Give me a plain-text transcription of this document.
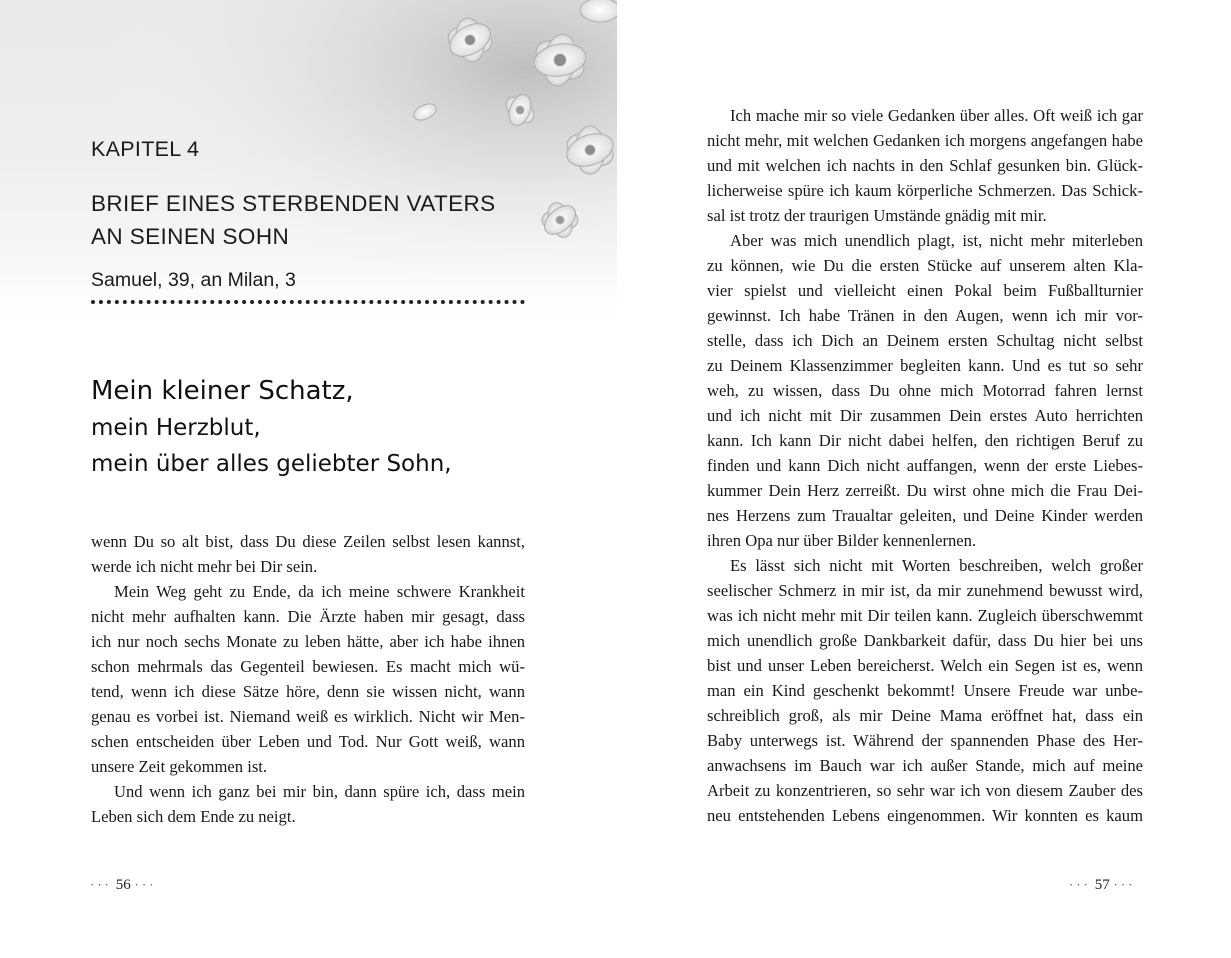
KAPITEL 4
BRIEF EINES STERBENDEN VATERS
AN SEINEN SOHN
Samuel, 39, an Milan, 3
Mein kleiner Schatz,
mein Herzblut,
mein über alles geliebter Sohn,
wenn Du so alt bist, dass Du diese Zeilen selbst lesen kannst,
werde ich nicht mehr bei Dir sein.
Mein Weg geht zu Ende, da ich meine schwere Krankheit
nicht mehr aufhalten kann. Die Ärzte haben mir gesagt, dass
ich nur noch sechs Monate zu leben hätte, aber ich habe ihnen
schon mehrmals das Gegenteil bewiesen. Es macht mich wü-
tend, wenn ich diese Sätze höre, denn sie wissen nicht, wann
genau es vorbei ist. Niemand weiß es wirklich. Nicht wir Men-
schen entscheiden über Leben und Tod. Nur Gott weiß, wann
unsere Zeit gekommen ist.
Und wenn ich ganz bei mir bin, dann spüre ich, dass mein
Leben sich dem Ende zu neigt.
··· 56 ···
Ich mache mir so viele Gedanken über alles. Oft weiß ich gar
nicht mehr, mit welchen Gedanken ich morgens angefangen habe
und mit welchen ich nachts in den Schlaf gesunken bin. Glück-
licherweise spüre ich kaum körperliche Schmerzen. Das Schick-
sal ist trotz der traurigen Umstände gnädig mit mir.
Aber was mich unendlich plagt, ist, nicht mehr miterleben
zu können, wie Du die ersten Stücke auf unserem alten Kla-
vier spielst und vielleicht einen Pokal beim Fußballturnier
gewinnst. Ich habe Tränen in den Augen, wenn ich mir vor-
stelle, dass ich Dich an Deinem ersten Schultag nicht selbst
zu Deinem Klassenzimmer begleiten kann. Und es tut so sehr
weh, zu wissen, dass Du ohne mich Motorrad fahren lernst
und ich nicht mit Dir zusammen Dein erstes Auto herrichten
kann. Ich kann Dir nicht dabei helfen, den richtigen Beruf zu
finden und kann Dich nicht auffangen, wenn der erste Liebes-
kummer Dein Herz zerreißt. Du wirst ohne mich die Frau Dei-
nes Herzens zum Traualtar geleiten, und Deine Kinder werden
ihren Opa nur über Bilder kennenlernen.
Es lässt sich nicht mit Worten beschreiben, welch großer
seelischer Schmerz in mir ist, da mir zunehmend bewusst wird,
was ich nicht mehr mit Dir teilen kann. Zugleich überschwemmt
mich unendlich große Dankbarkeit dafür, dass Du hier bei uns
bist und unser Leben bereicherst. Welch ein Segen ist es, wenn
man ein Kind geschenkt bekommt! Unsere Freude war unbe-
schreiblich groß, als mir Deine Mama eröffnet hat, dass ein
Baby unterwegs ist. Während der spannenden Phase des Her-
anwachsens im Bauch war ich außer Stande, mich auf meine
Arbeit zu konzentrieren, so sehr war ich von diesem Zauber des
neu entstehenden Lebens eingenommen. Wir konnten es kaum
··· 57 ···
